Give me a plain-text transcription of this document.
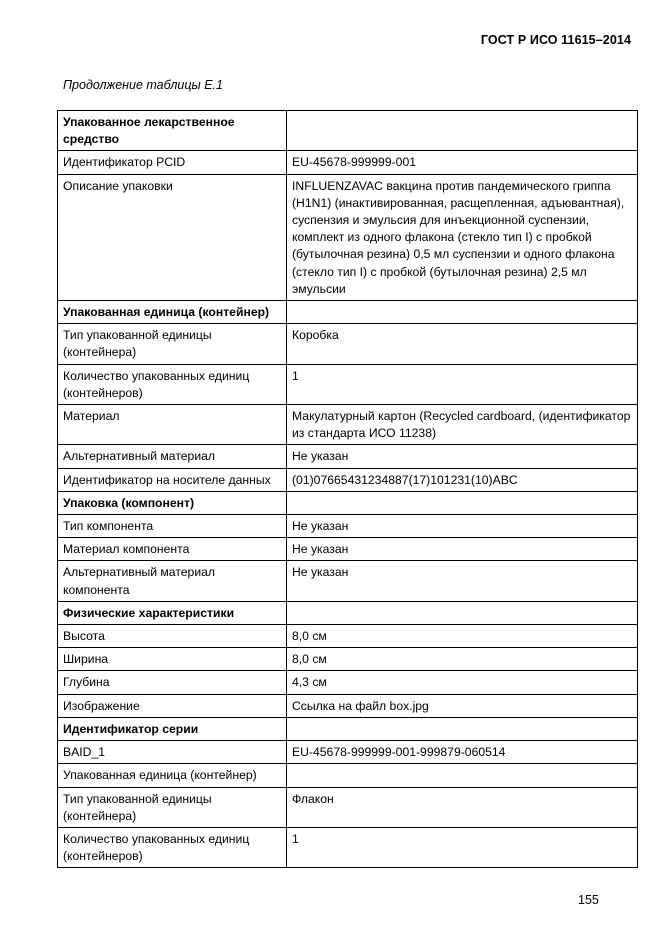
ГОСТ Р ИСО 11615–2014
Продолжение таблицы Е.1
Упакованное лекарственное средство	
Идентификатор PCID	EU-45678-999999-001
Описание упаковки	INFLUENZAVAC вакцина против пандемического гриппа (H1N1) (инактивированная, расщепленная, адъювантная), суспензия и эмульсия для инъекционной суспензии, комплект из одного флакона (стекло тип I) с пробкой (бутылочная резина) 0,5 мл суспензии и одного флакона (стекло тип I) с пробкой (бутылочная резина) 2,5 мл эмульсии
Упакованная единица (контейнер)	
Тип упакованной единицы (контейнера)	Коробка
Количество упакованных единиц (контейнеров)	1
Материал	Макулатурный картон (Recycled cardboard, (идентификатор из стандарта ИСО 11238)
Альтернативный материал	Не указан
Идентификатор на носителе данных	(01)07665431234887(17)101231(10)ABC
Упаковка (компонент)	
Тип компонента	Не указан
Материал компонента	Не указан
Альтернативный материал компонента	Не указан
Физические характеристики	
Высота	8,0 см
Ширина	8,0 см
Глубина	4,3 см
Изображение	Ссылка на файл box.jpg
Идентификатор серии	
BAID_1	EU-45678-999999-001-999879-060514
Упакованная единица (контейнер)	
Тип упакованной единицы (контейнера)	Флакон
Количество упакованных единиц (контейнеров)	1
155
